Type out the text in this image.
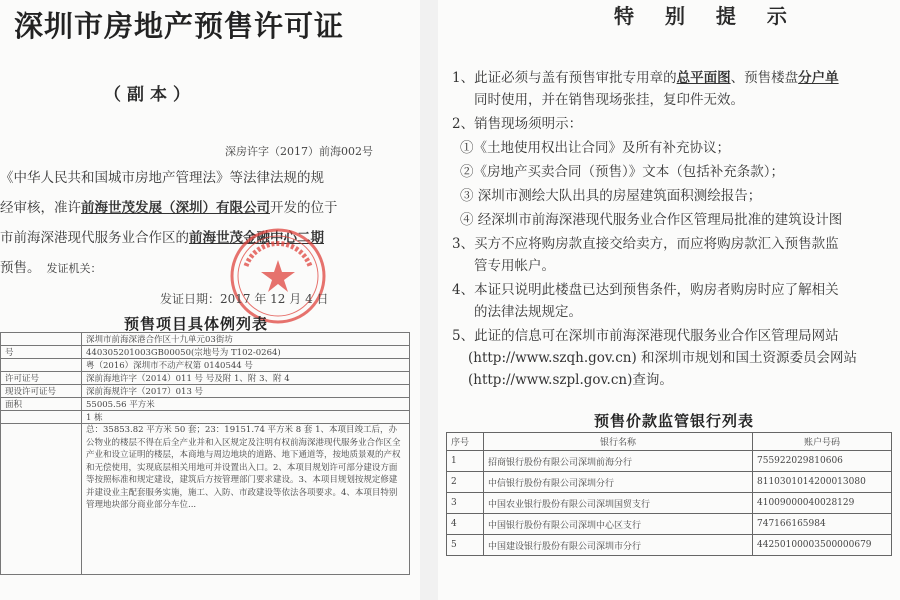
深圳市房地产预售许可证
（副本）
深房许字（2017）前海002号
《中华人民共和国城市房地产管理法》等法律法规的规
经审核，准许前海世茂发展（深圳）有限公司开发的位于
市前海深港现代服务业合作区的前海世茂金融中心二期
预售。 发证机关：
发证日期：2017 年 12 月 4 日
预售项目具体例列表
	深圳市前海深港合作区十九单元03街坊
号	440305201003GB00050(宗地号为 T102-0264)
	粤（2016）深圳市不动产权第 0140544 号
许可证号	深前海地许字（2014）011 号 号及附 1、附 3、附 4
现设许可证号	深前海规许字（2017）013 号
面积	55005.56 平方米
	1 栋
	总：35853.82 平方米 50 套；23：19151.74 平方米 8 套 1、本项目竣工后，办公物业的楼层不得在后全产业并和入区规定及注明有权前海深港现代服务业合作区全产业和设立证明的楼层，本商地与周边地块的道路、地下通道等，按地质景观的产权和无偿使用，实现底层相关用地可并设置出入口。2、本项目规划许可部分建设方面等按照标准和规定建设，建筑后方按管理部门要求建设。3、本项目规划按规定修建并建设业主配套服务实施，施工、入防、市政建设等依法各项要求。4、本项目特别管理地块部分商业部分车位...
特 别 提 示
1、此证必须与盖有预售审批专用章的总平面图、预售楼盘分户单
同时使用，并在销售现场张挂，复印件无效。
2、销售现场须明示：
①《土地使用权出让合同》及所有补充协议；
②《房地产买卖合同（预售）》文本（包括补充条款）；
③ 深圳市测绘大队出具的房屋建筑面积测绘报告；
④ 经深圳市前海深港现代服务业合作区管理局批准的建筑设计图
3、买方不应将购房款直接交给卖方，而应将购房款汇入预售款监
管专用帐户。
4、本证只说明此楼盘已达到预售条件，购房者购房时应了解相关
的法律法规规定。
5、此证的信息可在深圳市前海深港现代服务业合作区管理局网站
(http://www.szqh.gov.cn) 和深圳市规划和国土资源委员会网站
(http://www.szpl.gov.cn)查询。
预售价款监管银行列表
序号	银行名称	账户号码
1	招商银行股份有限公司深圳前海分行	755922029810606
2	中信银行股份有限公司深圳分行	8110301014200013080
3	中国农业银行股份有限公司深圳国贸支行	41009000040028129
4	中国银行股份有限公司深圳中心区支行	747166165984
5	中国建设银行股份有限公司深圳市分行	44250100003500000679
